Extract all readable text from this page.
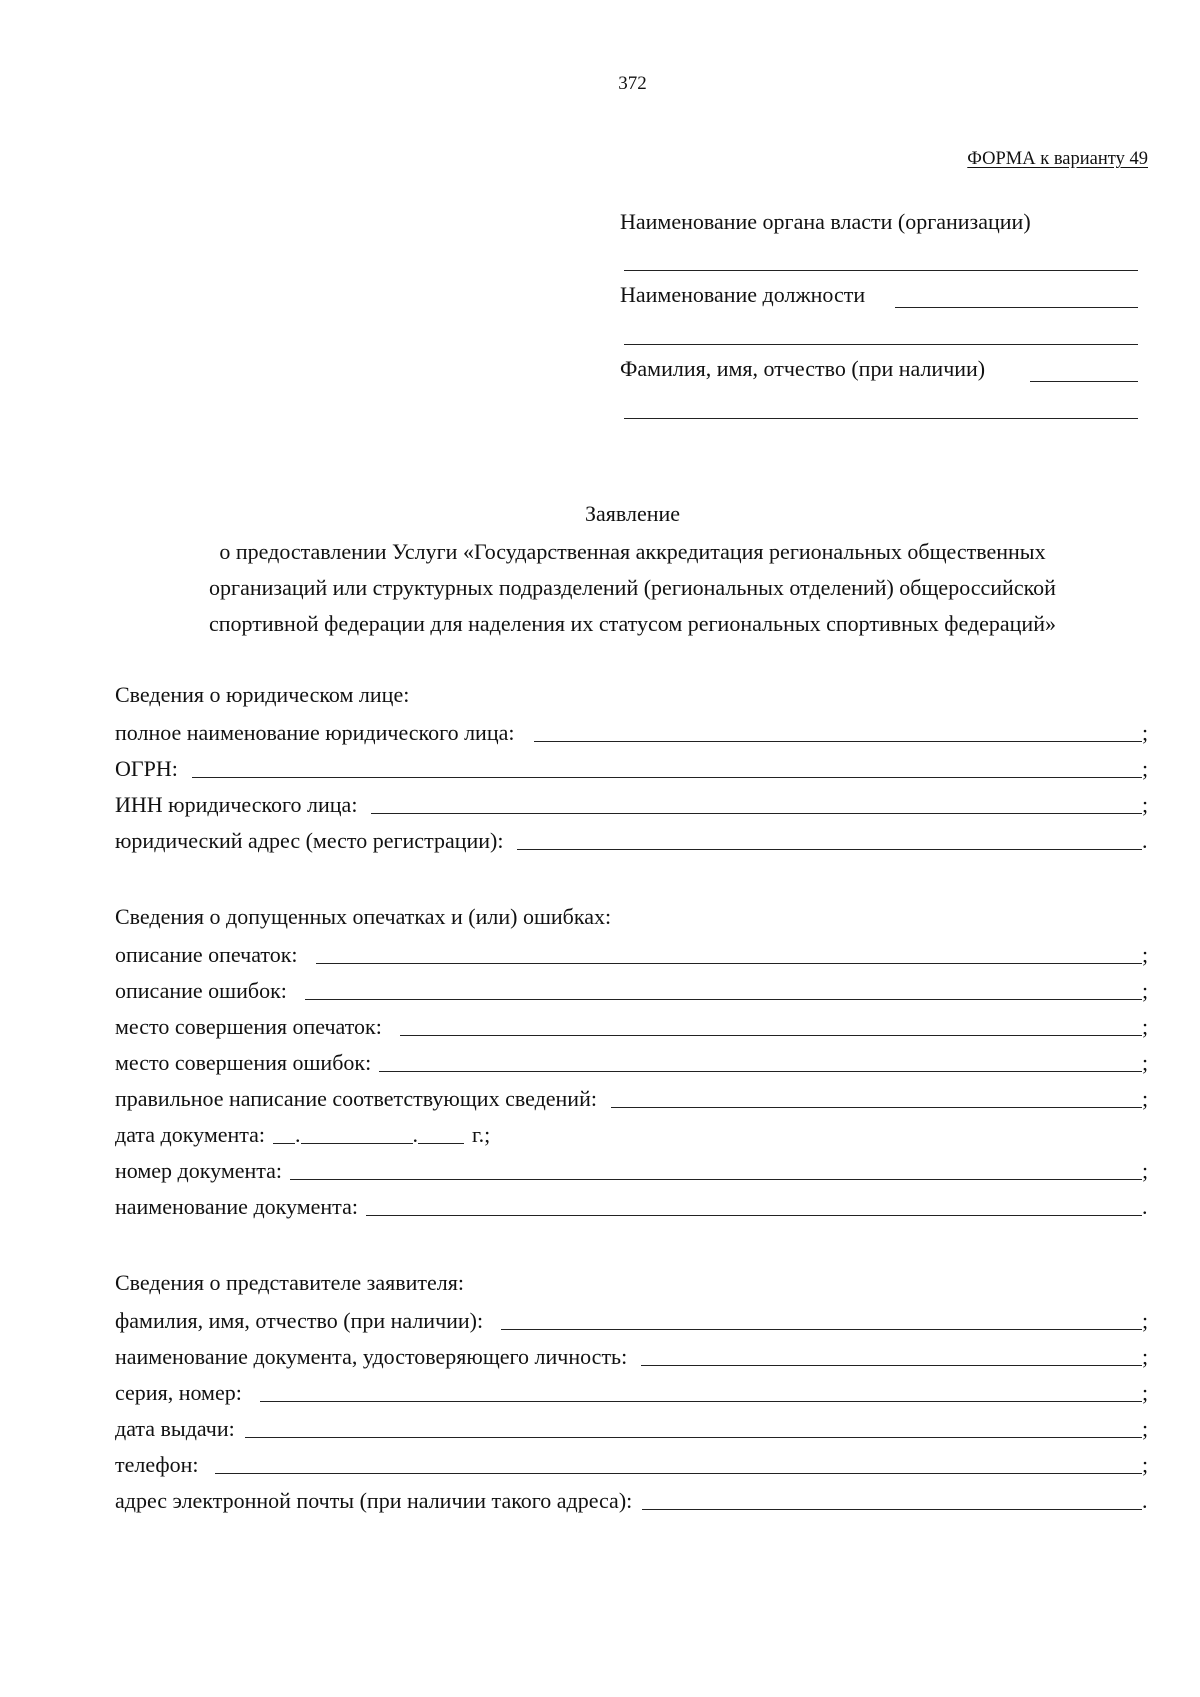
372
ФОРМА к варианту 49
Наименование органа власти (организации)
Наименование должности
Фамилия, имя, отчество (при наличии)
Заявление
о предоставлении Услуги «Государственная аккредитация региональных общественных
организаций или структурных подразделений (региональных отделений) общероссийской
спортивной федерации для наделения их статусом региональных спортивных федераций»
Сведения о юридическом лице:
полное наименование юридического лица:	;
ОГРН:	;
ИНН юридического лица:	;
юридический адрес (место регистрации):	.
Сведения о допущенных опечатках и (или) ошибках:
описание опечаток:	;
описание ошибок:	;
место совершения опечаток:	;
место совершения ошибок:	;
правильное написание соответствующих сведений:	;
дата документа: .	. г.;
номер документа:	;
наименование документа:	.
Сведения о представителе заявителя:
фамилия, имя, отчество (при наличии):	;
наименование документа, удостоверяющего личность:	;
серия, номер:	;
дата выдачи:	;
телефон:	;
адрес электронной почты (при наличии такого адреса):	.
